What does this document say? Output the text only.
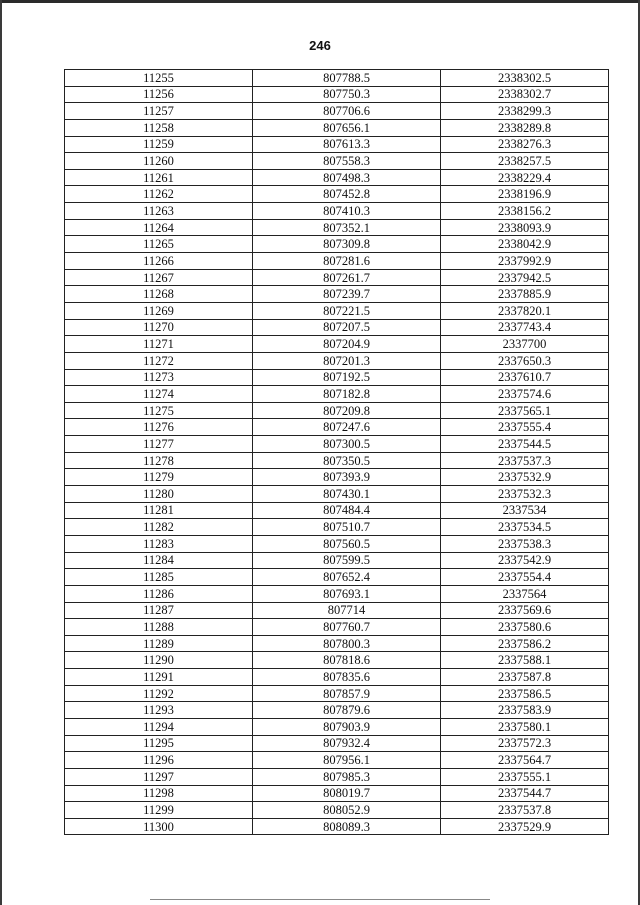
246
11255	807788.5	2338302.5
11256	807750.3	2338302.7
11257	807706.6	2338299.3
11258	807656.1	2338289.8
11259	807613.3	2338276.3
11260	807558.3	2338257.5
11261	807498.3	2338229.4
11262	807452.8	2338196.9
11263	807410.3	2338156.2
11264	807352.1	2338093.9
11265	807309.8	2338042.9
11266	807281.6	2337992.9
11267	807261.7	2337942.5
11268	807239.7	2337885.9
11269	807221.5	2337820.1
11270	807207.5	2337743.4
11271	807204.9	2337700
11272	807201.3	2337650.3
11273	807192.5	2337610.7
11274	807182.8	2337574.6
11275	807209.8	2337565.1
11276	807247.6	2337555.4
11277	807300.5	2337544.5
11278	807350.5	2337537.3
11279	807393.9	2337532.9
11280	807430.1	2337532.3
11281	807484.4	2337534
11282	807510.7	2337534.5
11283	807560.5	2337538.3
11284	807599.5	2337542.9
11285	807652.4	2337554.4
11286	807693.1	2337564
11287	807714	2337569.6
11288	807760.7	2337580.6
11289	807800.3	2337586.2
11290	807818.6	2337588.1
11291	807835.6	2337587.8
11292	807857.9	2337586.5
11293	807879.6	2337583.9
11294	807903.9	2337580.1
11295	807932.4	2337572.3
11296	807956.1	2337564.7
11297	807985.3	2337555.1
11298	808019.7	2337544.7
11299	808052.9	2337537.8
11300	808089.3	2337529.9
